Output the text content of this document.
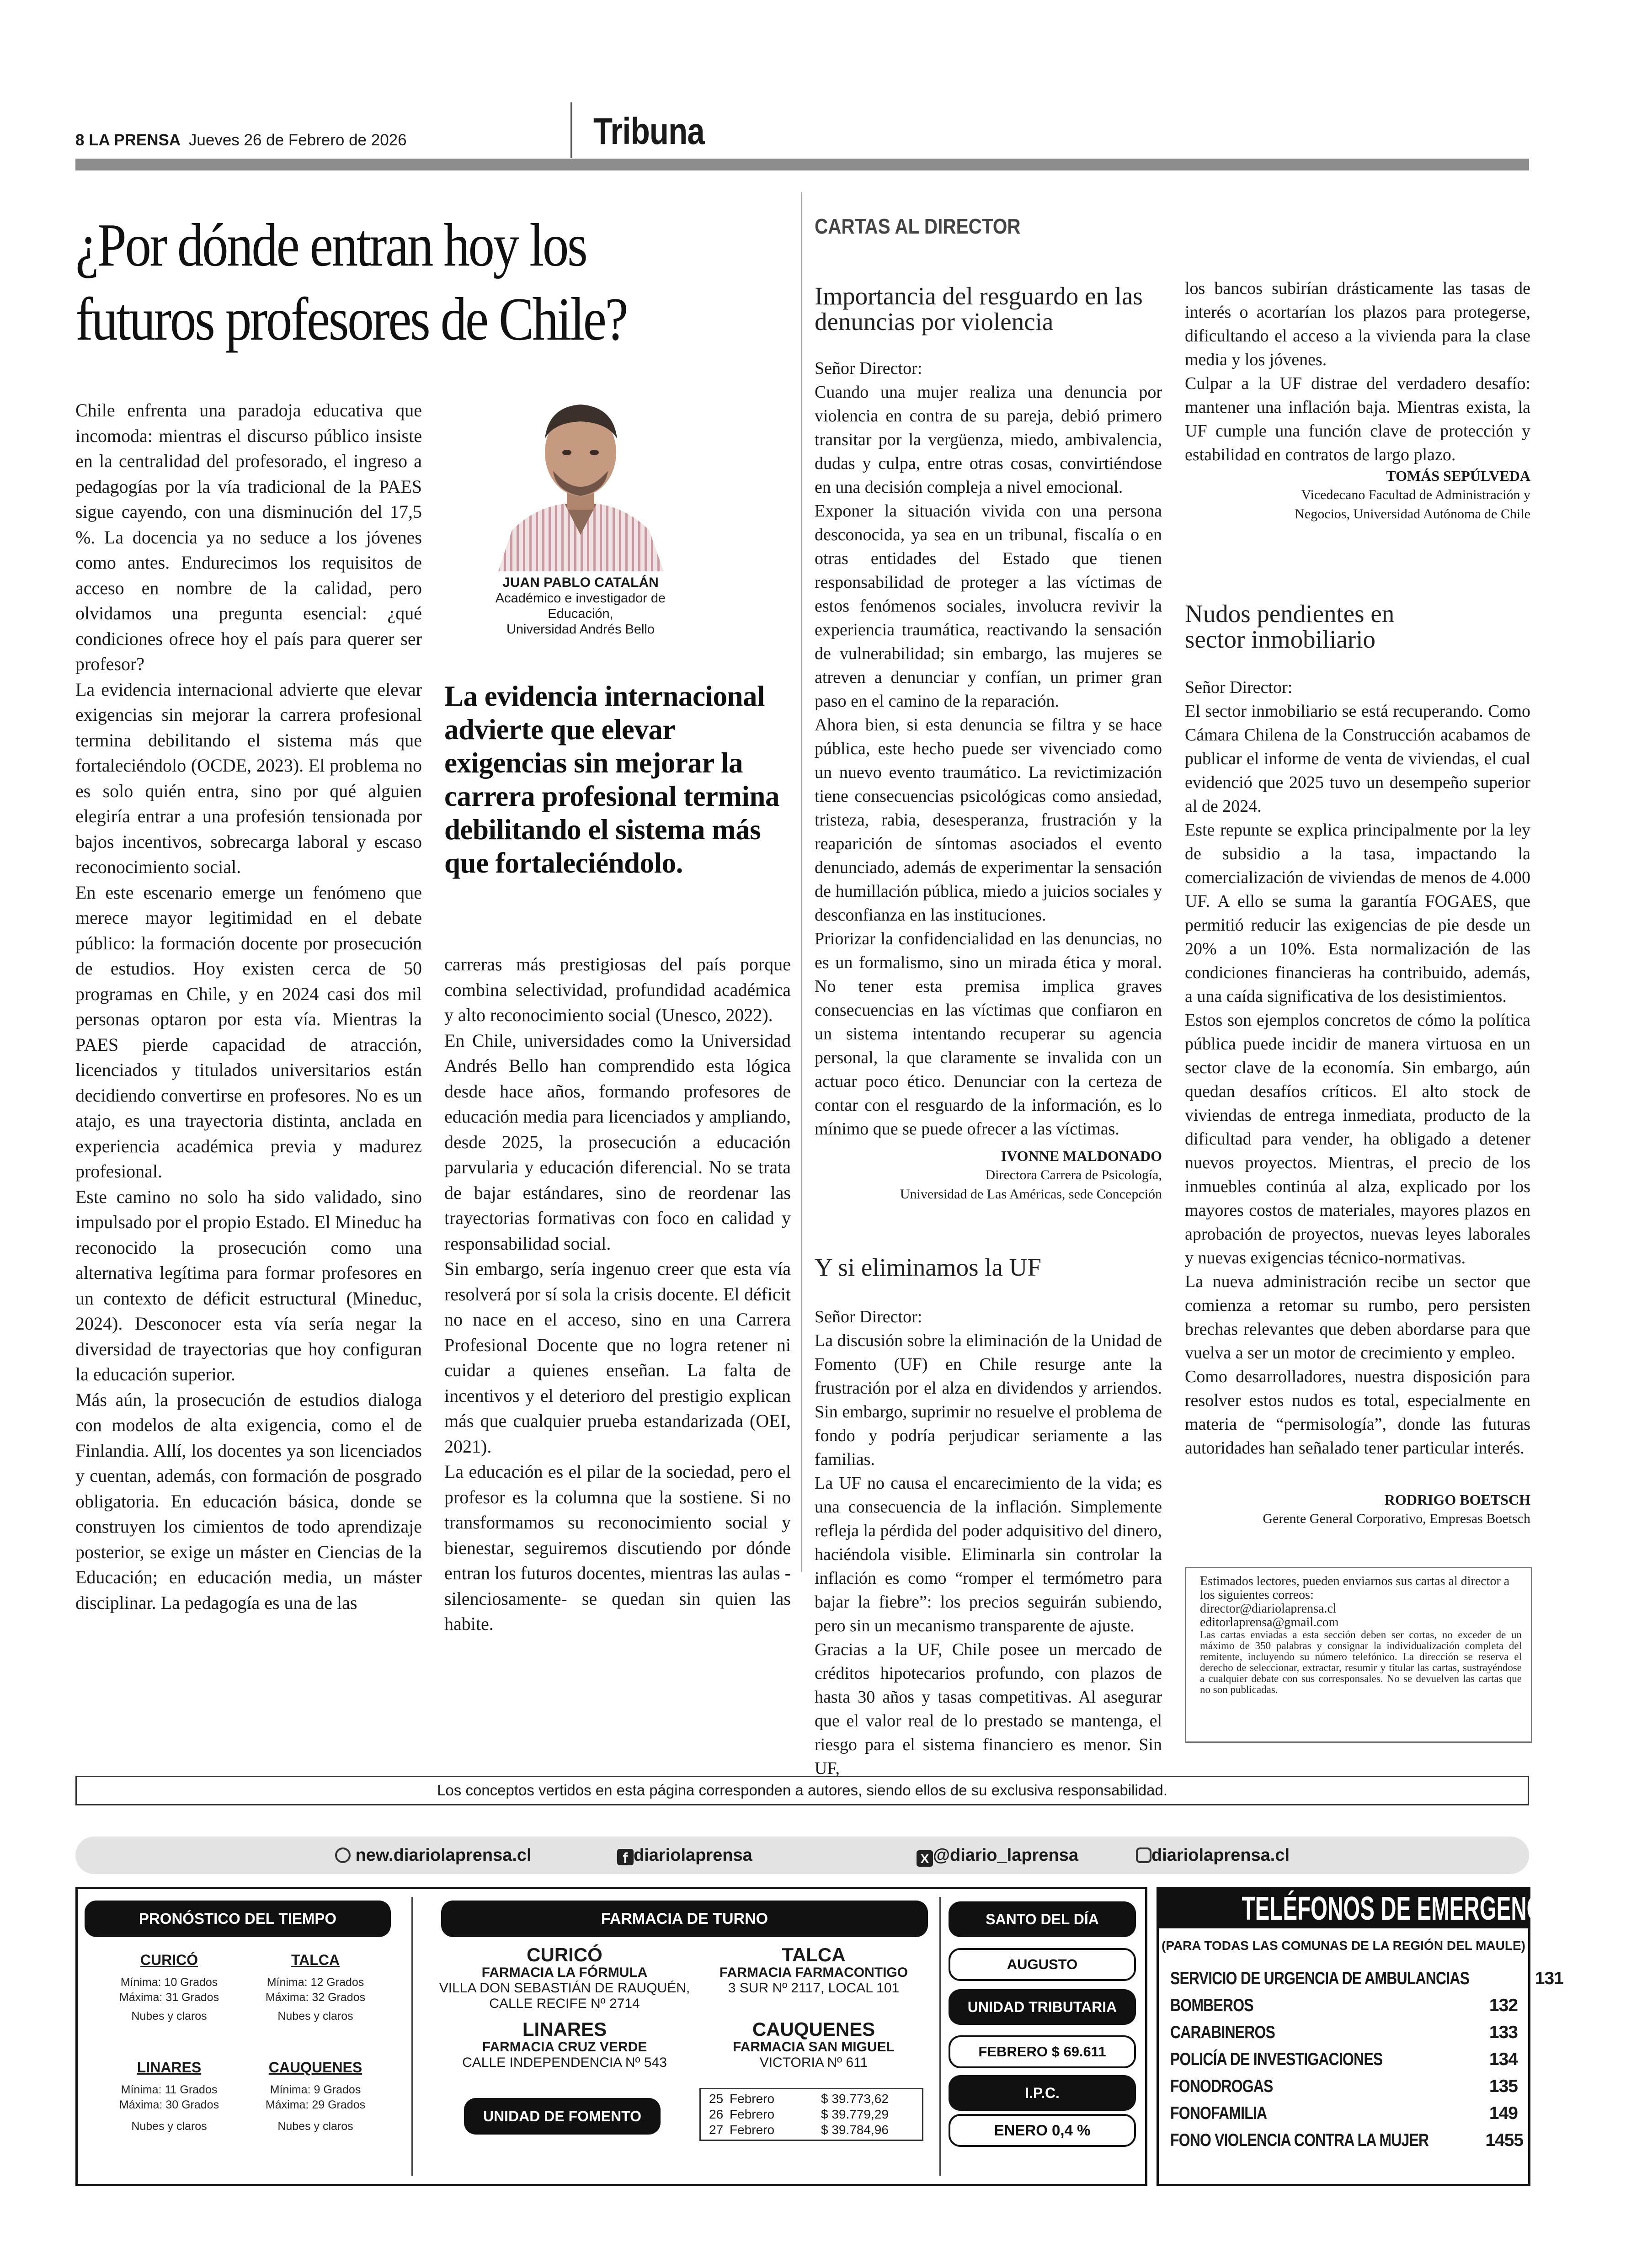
8 LA PRENSA Jueves 26 de Febrero de 2026	Tribuna
¿Por dónde entran hoy los
futuros profesores de Chile?
JUAN PABLO CATALÁN
Académico e investigador de Educación,
Universidad Andrés Bello
La evidencia internacional advierte que elevar exigencias sin mejorar la carrera profesional termina debilitando el sistema más que fortaleciéndolo.

Chile enfrenta una paradoja educativa que incomoda: mientras el discurso público insiste en la centralidad del profesorado, el ingreso a pedagogías por la vía tradicional de la PAES sigue cayendo, con una disminución del 17,5 %. La docencia ya no seduce a los jóvenes como antes. Endurecimos los requisitos de acceso en nombre de la calidad, pero olvidamos una pregunta esencial: ¿qué condiciones ofrece hoy el país para querer ser profesor?

La evidencia internacional advierte que elevar exigencias sin mejorar la carrera profesional termina debilitando el sistema más que fortaleciéndolo (OCDE, 2023). El problema no es solo quién entra, sino por qué alguien elegiría entrar a una profesión tensionada por bajos incentivos, sobrecarga laboral y escaso reconocimiento social.

En este escenario emerge un fenómeno que merece mayor legitimidad en el debate público: la formación docente por prosecución de estudios. Hoy existen cerca de 50 programas en Chile, y en 2024 casi dos mil personas optaron por esta vía. Mientras la PAES pierde capacidad de atracción, licenciados y titulados universitarios están decidiendo convertirse en profesores. No es un atajo, es una trayectoria distinta, anclada en experiencia académica previa y madurez profesional.

Este camino no solo ha sido validado, sino impulsado por el propio Estado. El Mineduc ha reconocido la prosecución como una alternativa legítima para formar profesores en un contexto de déficit estructural (Mineduc, 2024). Desconocer esta vía sería negar la diversidad de trayectorias que hoy configuran la educación superior.

Más aún, la prosecución de estudios dialoga con modelos de alta exigencia, como el de Finlandia. Allí, los docentes ya son licenciados y cuentan, además, con formación de posgrado obligatoria. En educación básica, donde se construyen los cimientos de todo aprendizaje posterior, se exige un máster en Ciencias de la Educación; en educación media, un máster disciplinar. La pedagogía es una de las

carreras más prestigiosas del país porque combina selectividad, profundidad académica y alto reconocimiento social (Unesco, 2022).

En Chile, universidades como la Universidad Andrés Bello han comprendido esta lógica desde hace años, formando profesores de educación media para licenciados y ampliando, desde 2025, la prosecución a educación parvularia y educación diferencial. No se trata de bajar estándares, sino de reordenar las trayectorias formativas con foco en calidad y responsabilidad social.

Sin embargo, sería ingenuo creer que esta vía resolverá por sí sola la crisis docente. El déficit no nace en el acceso, sino en una Carrera Profesional Docente que no logra retener ni cuidar a quienes enseñan. La falta de incentivos y el deterioro del prestigio explican más que cualquier prueba estandarizada (OEI, 2021).

La educación es el pilar de la sociedad, pero el profesor es la columna que la sostiene. Si no transformamos su reconocimiento social y bienestar, seguiremos discutiendo por dónde entran los futuros docentes, mientras las aulas -silenciosamente- se quedan sin quien las habite.

CARTAS AL DIRECTOR
Importancia del resguardo en las denuncias por violencia

Señor Director:

Cuando una mujer realiza una denuncia por violencia en contra de su pareja, debió primero transitar por la vergüenza, miedo, ambivalencia, dudas y culpa, entre otras cosas, convirtiéndose en una decisión compleja a nivel emocional.

Exponer la situación vivida con una persona desconocida, ya sea en un tribunal, fiscalía o en otras entidades del Estado que tienen responsabilidad de proteger a las víctimas de estos fenómenos sociales, involucra revivir la experiencia traumática, reactivando la sensación de vulnerabilidad; sin embargo, las mujeres se atreven a denunciar y confían, un primer gran paso en el camino de la reparación.

Ahora bien, si esta denuncia se filtra y se hace pública, este hecho puede ser vivenciado como un nuevo evento traumático. La revictimización tiene consecuencias psicológicas como ansiedad, tristeza, rabia, desesperanza, frustración y la reaparición de síntomas asociados el evento denunciado, además de experimentar la sensación de humillación pública, miedo a juicios sociales y desconfianza en las instituciones.

Priorizar la confidencialidad en las denuncias, no es un formalismo, sino un mirada ética y moral. No tener esta premisa implica graves consecuencias en las víctimas que confiaron en un sistema intentando recuperar su agencia personal, la que claramente se invalida con un actuar poco ético. Denunciar con la certeza de contar con el resguardo de la información, es lo mínimo que se puede ofrecer a las víctimas.

IVONNE MALDONADO
Directora Carrera de Psicología,
Universidad de Las Américas, sede Concepción
Y si eliminamos la UF

Señor Director:

La discusión sobre la eliminación de la Unidad de Fomento (UF) en Chile resurge ante la frustración por el alza en dividendos y arriendos. Sin embargo, suprimir no resuelve el problema de fondo y podría perjudicar seriamente a las familias.

La UF no causa el encarecimiento de la vida; es una consecuencia de la inflación. Simplemente refleja la pérdida del poder adquisitivo del dinero, haciéndola visible. Eliminarla sin controlar la inflación es como “romper el termómetro para bajar la fiebre”: los precios seguirán subiendo, pero sin un mecanismo transparente de ajuste.

Gracias a la UF, Chile posee un mercado de créditos hipotecarios profundo, con plazos de hasta 30 años y tasas competitivas. Al asegurar que el valor real de lo prestado se mantenga, el riesgo para el sistema financiero es menor. Sin UF,

los bancos subirían drásticamente las tasas de interés o acortarían los plazos para protegerse, dificultando el acceso a la vivienda para la clase media y los jóvenes.

Culpar a la UF distrae del verdadero desafío: mantener una inflación baja. Mientras exista, la UF cumple una función clave de protección y estabilidad en contratos de largo plazo.

TOMÁS SEPÚLVEDA
Vicedecano Facultad de Administración y
Negocios, Universidad Autónoma de Chile
Nudos pendientes en sector inmobiliario

Señor Director:

El sector inmobiliario se está recuperando. Como Cámara Chilena de la Construcción acabamos de publicar el informe de venta de viviendas, el cual evidenció que 2025 tuvo un desempeño superior al de 2024.

Este repunte se explica principalmente por la ley de subsidio a la tasa, impactando la comercialización de viviendas de menos de 4.000 UF. A ello se suma la garantía FOGAES, que permitió reducir las exigencias de pie desde un 20% a un 10%. Esta normalización de las condiciones financieras ha contribuido, además, a una caída significativa de los desistimientos.

Estos son ejemplos concretos de cómo la política pública puede incidir de manera virtuosa en un sector clave de la economía. Sin embargo, aún quedan desafíos críticos. El alto stock de viviendas de entrega inmediata, producto de la dificultad para vender, ha obligado a detener nuevos proyectos. Mientras, el precio de los inmuebles continúa al alza, explicado por los mayores costos de materiales, mayores plazos en aprobación de proyectos, nuevas leyes laborales y nuevas exigencias técnico-normativas.

La nueva administración recibe un sector que comienza a retomar su rumbo, pero persisten brechas relevantes que deben abordarse para que vuelva a ser un motor de crecimiento y empleo.

Como desarrolladores, nuestra disposición para resolver estos nudos es total, especialmente en materia de “permisología”, donde las futuras autoridades han señalado tener particular interés.

RODRIGO BOETSCH
Gerente General Corporativo, Empresas Boetsch

Estimados lectores, pueden enviarnos sus cartas al director a los siguientes correos:

director@diariolaprensa.cl

editorlaprensa@gmail.com

Las cartas enviadas a esta sección deben ser cortas, no exceder de un máximo de 350 palabras y consignar la individualización completa del remitente, incluyendo su número telefónico. La dirección se reserva el derecho de seleccionar, extractar, resumir y titular las cartas, sustrayéndose a cualquier debate con sus corresponsales. No se devuelven las cartas que no son publicadas.

Los conceptos vertidos en esta página corresponden a autores, siendo ellos de su exclusiva responsabilidad.
new.diariolaprensa.cl	f diariolaprensa	X @diario_laprensa	diariolaprensa.cl
PRONÓSTICO DEL TIEMPO
CURICÓ
Mínima: 10 Grados
Máxima: 31 Grados
Nubes y claros
TALCA
Mínima: 12 Grados
Máxima: 32 Grados
Nubes y claros
LINARES
Mínima: 11 Grados
Máxima: 30 Grados
Nubes y claros
CAUQUENES
Mínima: 9 Grados
Máxima: 29 Grados
Nubes y claros
FARMACIA DE TURNO
CURICÓ
FARMACIA LA FÓRMULA
VILLA DON SEBASTIÁN DE RAUQUÉN,
CALLE RECIFE Nº 2714
TALCA
FARMACIA FARMACONTIGO
3 SUR Nº 2117, LOCAL 101
LINARES
FARMACIA CRUZ VERDE
CALLE INDEPENDENCIA Nº 543
CAUQUENES
FARMACIA SAN MIGUEL
VICTORIA Nº 611
UNIDAD DE FOMENTO
25 Febrero	$ 39.773,62
26 Febrero	$ 39.779,29
27 Febrero	$ 39.784,96
SANTO DEL DÍA
AUGUSTO
UNIDAD TRIBUTARIA
FEBRERO $ 69.611
I.P.C.
ENERO 0,4 %
TELÉFONOS DE EMERGENCIA
(PARA TODAS LAS COMUNAS DE LA REGIÓN DEL MAULE)
SERVICIO DE URGENCIA DE AMBULANCIAS	131
BOMBEROS	132
CARABINEROS	133
POLICÍA DE INVESTIGACIONES	134
FONODROGAS	135
FONOFAMILIA	149
FONO VIOLENCIA CONTRA LA MUJER	1455
